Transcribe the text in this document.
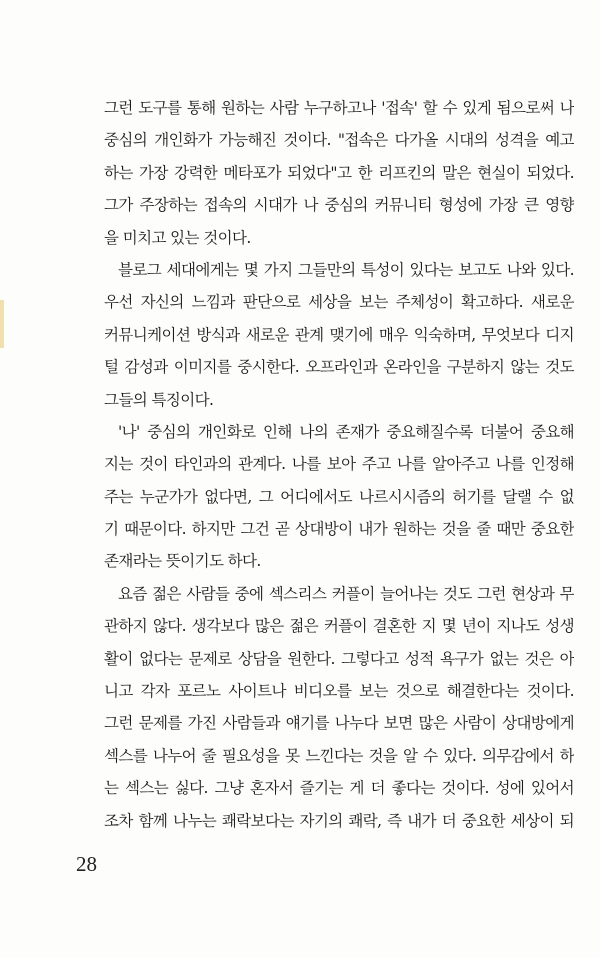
그런 도구를 통해 원하는 사람 누구하고나 '접속' 할 수 있게 됨으로써 나
중심의 개인화가 가능해진 것이다. "접속은 다가올 시대의 성격을 예고
하는 가장 강력한 메타포가 되었다"고 한 리프킨의 말은 현실이 되었다.
그가 주장하는 접속의 시대가 나 중심의 커뮤니티 형성에 가장 큰 영향
을 미치고 있는 것이다.
블로그 세대에게는 몇 가지 그들만의 특성이 있다는 보고도 나와 있다.
우선 자신의 느낌과 판단으로 세상을 보는 주체성이 확고하다. 새로운
커뮤니케이션 방식과 새로운 관계 맺기에 매우 익숙하며, 무엇보다 디지
털 감성과 이미지를 중시한다. 오프라인과 온라인을 구분하지 않는 것도
그들의 특징이다.
'나' 중심의 개인화로 인해 나의 존재가 중요해질수록 더불어 중요해
지는 것이 타인과의 관계다. 나를 보아 주고 나를 알아주고 나를 인정해
주는 누군가가 없다면, 그 어디에서도 나르시시즘의 허기를 달랠 수 없
기 때문이다. 하지만 그건 곧 상대방이 내가 원하는 것을 줄 때만 중요한
존재라는 뜻이기도 하다.
요즘 젊은 사람들 중에 섹스리스 커플이 늘어나는 것도 그런 현상과 무
관하지 않다. 생각보다 많은 젊은 커플이 결혼한 지 몇 년이 지나도 성생
활이 없다는 문제로 상담을 원한다. 그렇다고 성적 욕구가 없는 것은 아
니고 각자 포르노 사이트나 비디오를 보는 것으로 해결한다는 것이다.
그런 문제를 가진 사람들과 얘기를 나누다 보면 많은 사람이 상대방에게
섹스를 나누어 줄 필요성을 못 느낀다는 것을 알 수 있다. 의무감에서 하
는 섹스는 싫다. 그냥 혼자서 즐기는 게 더 좋다는 것이다. 성에 있어서
조차 함께 나누는 쾌락보다는 자기의 쾌락, 즉 내가 더 중요한 세상이 되
28
